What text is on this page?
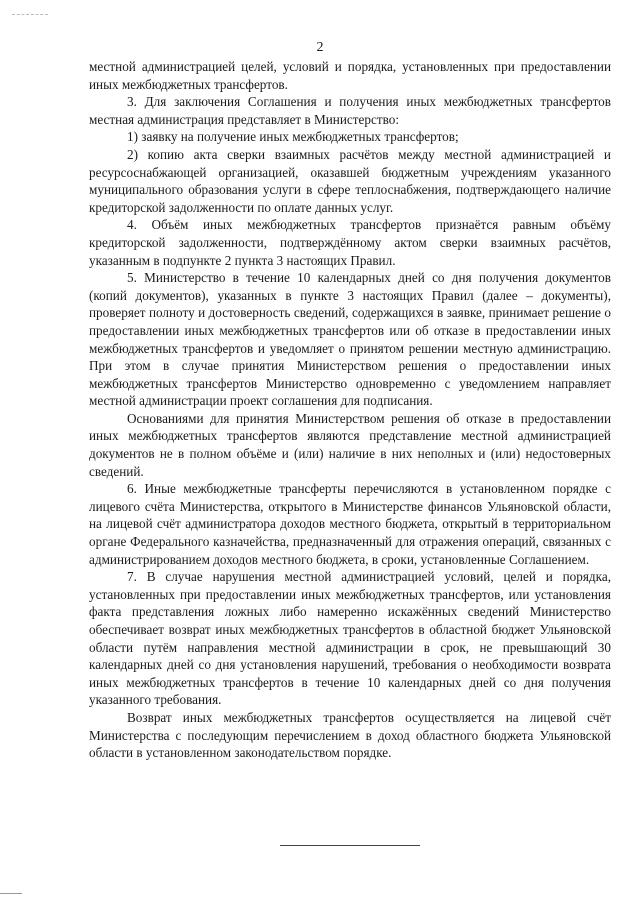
2

местной администрацией целей, условий и порядка, установленных при предоставлении иных межбюджетных трансфертов.

3. Для заключения Соглашения и получения иных межбюджетных трансфертов местная администрация представляет в Министерство:

1) заявку на получение иных межбюджетных трансфертов;

2) копию акта сверки взаимных расчётов между местной администрацией и ресурсоснабжающей организацией, оказавшей бюджетным учреждениям указанного муниципального образования услуги в сфере теплоснабжения, подтверждающего наличие кредиторской задолженности по оплате данных услуг.

4. Объём иных межбюджетных трансфертов признаётся равным объёму кредиторской задолженности, подтверждённому актом сверки взаимных расчётов, указанным в подпункте 2 пункта 3 настоящих Правил.

5. Министерство в течение 10 календарных дней со дня получения документов (копий документов), указанных в пункте 3 настоящих Правил (далее – документы), проверяет полноту и достоверность сведений, содержащихся в заявке, принимает решение о предоставлении иных межбюджетных трансфертов или об отказе в предоставлении иных межбюджетных трансфертов и уведомляет о принятом решении местную администрацию. При этом в случае принятия Министерством решения о предоставлении иных межбюджетных трансфертов Министерство одновременно с уведомлением направляет местной администрации проект соглашения для подписания.

Основаниями для принятия Министерством решения об отказе в предоставлении иных межбюджетных трансфертов являются представление местной администрацией документов не в полном объёме и (или) наличие в них неполных и (или) недостоверных сведений.

6. Иные межбюджетные трансферты перечисляются в установленном порядке с лицевого счёта Министерства, открытого в Министерстве финансов Ульяновской области, на лицевой счёт администратора доходов местного бюджета, открытый в территориальном органе Федерального казначейства, предназначенный для отражения операций, связанных с администрированием доходов местного бюджета, в сроки, установленные Соглашением.

7. В случае нарушения местной администрацией условий, целей и порядка, установленных при предоставлении иных межбюджетных трансфертов, или установления факта представления ложных либо намеренно искажённых сведений Министерство обеспечивает возврат иных межбюджетных трансфертов в областной бюджет Ульяновской области путём направления местной администрации в срок, не превышающий 30 календарных дней со дня установления нарушений, требования о необходимости возврата иных межбюджетных трансфертов в течение 10 календарных дней со дня получения указанного требования.

Возврат иных межбюджетных трансфертов осуществляется на лицевой счёт Министерства с последующим перечислением в доход областного бюджета Ульяновской области в установленном законодательством порядке.
